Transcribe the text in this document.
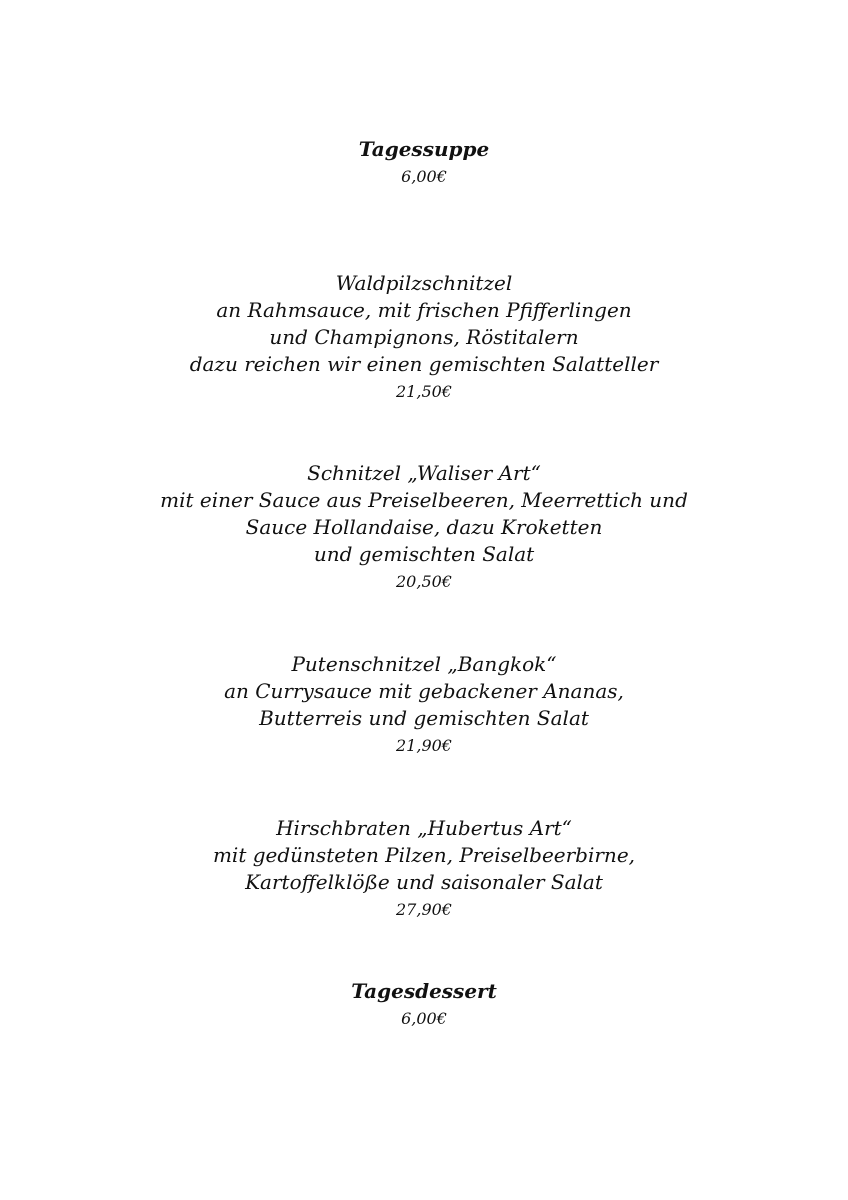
Tagessuppe
6,00€
Waldpilzschnitzel
an Rahmsauce, mit frischen Pfifferlingen
und Champignons, Röstitalern
dazu reichen wir einen gemischten Salatteller
21,50€
Schnitzel „Waliser Art“
mit einer Sauce aus Preiselbeeren, Meerrettich und
Sauce Hollandaise, dazu Kroketten
und gemischten Salat
20,50€
Putenschnitzel „Bangkok“
an Currysauce mit gebackener Ananas,
Butterreis und gemischten Salat
21,90€
Hirschbraten „Hubertus Art“
mit gedünsteten Pilzen, Preiselbeerbirne,
Kartoffelklöße und saisonaler Salat
27,90€
Tagesdessert
6,00€
